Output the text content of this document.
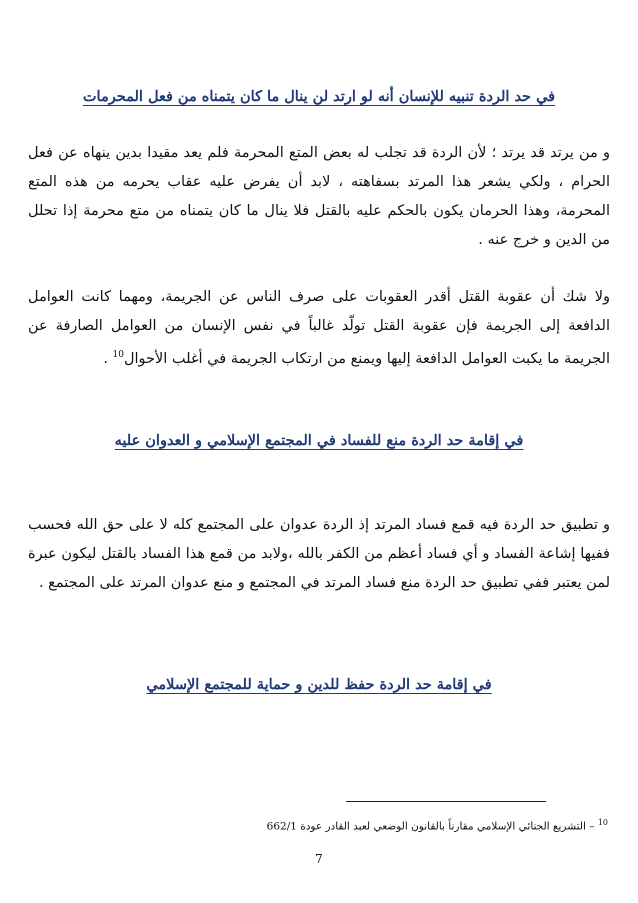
في حد الردة تنبيه للإنسان أنه لو ارتد لن ينال ما كان يتمناه من فعل المحرمات
و من يرتد قد يرتد ؛ لأن الردة قد تجلب له بعض المتع المحرمة فلم يعد مقيدا بدين ينهاه عن فعل الحرام ، ولكي يشعر هذا المرتد بسفاهته ، لابد أن يفرض عليه عقاب يحرمه من هذه المتع المحرمة، وهذا الحرمان يكون بالحكم عليه بالقتل فلا ينال ما كان يتمناه من متع محرمة إذا تحلل من الدين و خرج عنه .
ولا شك أن عقوبة القتل أقدر العقوبات على صرف الناس عن الجريمة، ومهما كانت العوامل الدافعة إلى الجريمة فإن عقوبة القتل تولّد غالباً في نفس الإنسان من العوامل الصارفة عن الجريمة ما يكبت العوامل الدافعة إليها ويمنع من ارتكاب الجريمة في أغلب الأحوال$^{10}$ .
في إقامة حد الردة منع للفساد في المجتمع الإسلامي و العدوان عليه
و تطبيق حد الردة فيه قمع فساد المرتد إذ الردة عدوان على المجتمع كله لا على حق الله فحسب ففيها إشاعة الفساد و أي فساد أعظم من الكفر بالله ،ولابد من قمع هذا الفساد بالقتل ليكون عبرة لمن يعتبر ففي تطبيق حد الردة منع فساد المرتد في المجتمع و منع عدوان المرتد على المجتمع .
في إقامة حد الردة حفظ للدين و حماية للمجتمع الإسلامي
$^{10}$ – التشريع الجنائي الإسلامي مقارناً بالقانون الوضعي لعبد القادر عودة 662/1
7
